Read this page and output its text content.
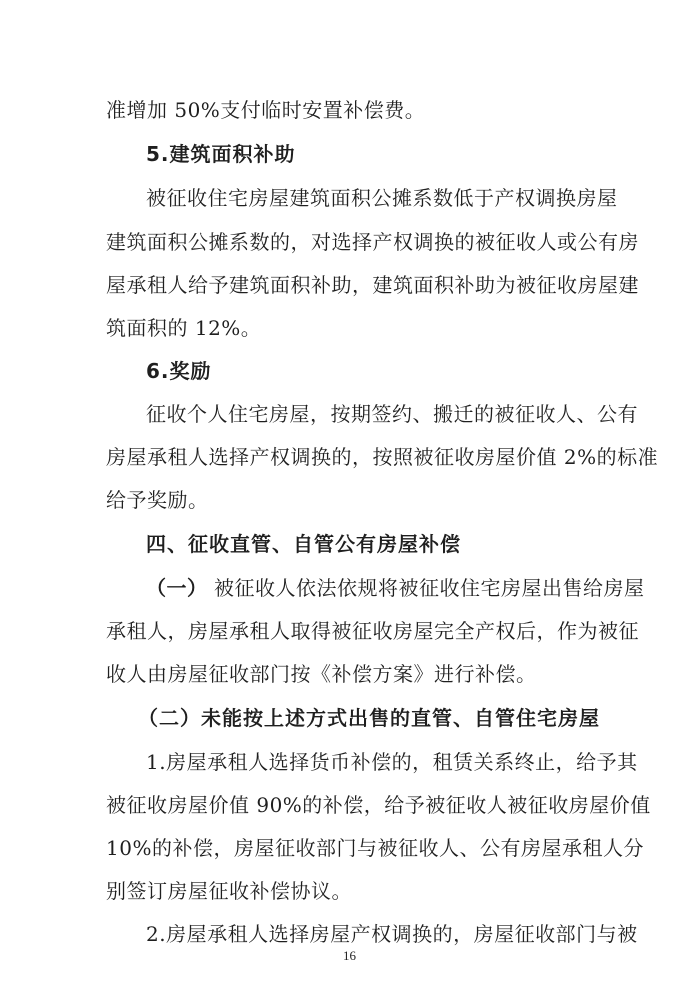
准增加 50%支付临时安置补偿费。
5.建筑面积补助
被征收住宅房屋建筑面积公摊系数低于产权调换房屋
建筑面积公摊系数的，对选择产权调换的被征收人或公有房
屋承租人给予建筑面积补助，建筑面积补助为被征收房屋建
筑面积的 12%。
6.奖励
征收个人住宅房屋，按期签约、搬迁的被征收人、公有
房屋承租人选择产权调换的，按照被征收房屋价值 2%的标准
给予奖励。
四、征收直管、自管公有房屋补偿
（一） 被征收人依法依规将被征收住宅房屋出售给房屋
承租人，房屋承租人取得被征收房屋完全产权后，作为被征
收人由房屋征收部门按《补偿方案》进行补偿。
（二）未能按上述方式出售的直管、自管住宅房屋
1.房屋承租人选择货币补偿的，租赁关系终止，给予其
被征收房屋价值 90%的补偿，给予被征收人被征收房屋价值
10%的补偿，房屋征收部门与被征收人、公有房屋承租人分
别签订房屋征收补偿协议。
2.房屋承租人选择房屋产权调换的，房屋征收部门与被
16
